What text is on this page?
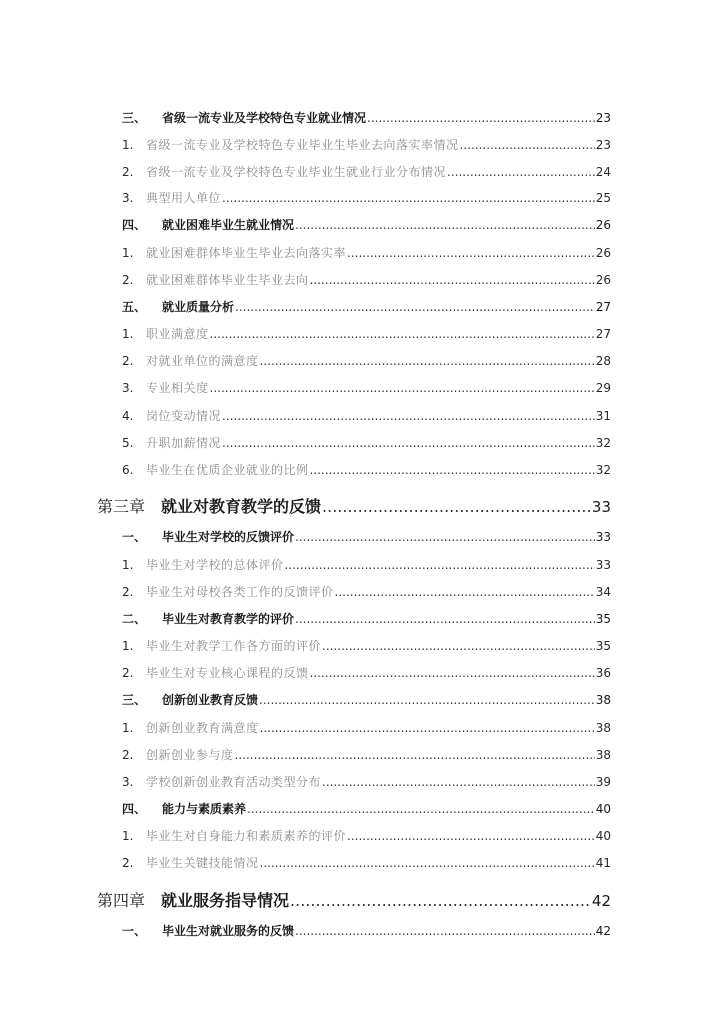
三、	省级一流专业及学校特色专业就业情况 .....	23
1.	省级一流专业及学校特色专业毕业生毕业去向落实率情况 .....	23
2.	省级一流专业及学校特色专业毕业生就业行业分布情况 .....	24
3.	典型用人单位 .....	25
四、	就业困难毕业生就业情况 .....	26
1.	就业困难群体毕业生毕业去向落实率 .....	26
2.	就业困难群体毕业生毕业去向 .....	26
五、	就业质量分析 .....	27
1.	职业满意度 .....	27
2.	对就业单位的满意度 .....	28
3.	专业相关度 .....	29
4.	岗位变动情况 .....	31
5.	升职加薪情况 .....	32
6.	毕业生在优质企业就业的比例 .....	32
第三章 就业对教育教学的反馈 .....	33
一、	毕业生对学校的反馈评价 .....	33
1.	毕业生对学校的总体评价 .....	33
2.	毕业生对母校各类工作的反馈评价 .....	34
二、	毕业生对教育教学的评价 .....	35
1.	毕业生对教学工作各方面的评价 .....	35
2.	毕业生对专业核心课程的反馈 .....	36
三、	创新创业教育反馈 .....	38
1.	创新创业教育满意度 .....	38
2.	创新创业参与度 .....	38
3.	学校创新创业教育活动类型分布 .....	39
四、	能力与素质素养 .....	40
1.	毕业生对自身能力和素质素养的评价 .....	40
2.	毕业生关键技能情况 .....	41
第四章 就业服务指导情况 .....	42
一、	毕业生对就业服务的反馈 .....	42
